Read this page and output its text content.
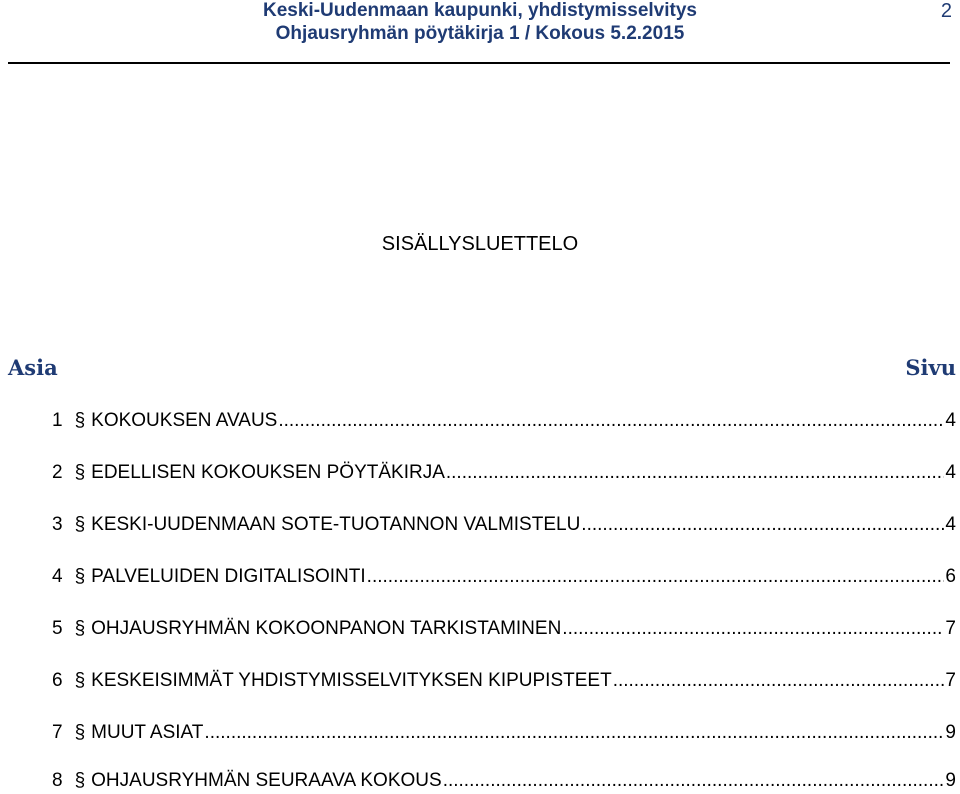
Keski-Uudenmaan kaupunki, yhdistymisselvitys
Ohjausryhmän pöytäkirja 1 / Kokous 5.2.2015
2
SISÄLLYSLUETTELO
Asia	Sivu
1 § KOKOUKSEN AVAUS .....	4
2 § EDELLISEN KOKOUKSEN PÖYTÄKIRJA .....	4
3 § KESKI-UUDENMAAN SOTE-TUOTANNON VALMISTELU .....	4
4 § PALVELUIDEN DIGITALISOINTI .....	6
5 § OHJAUSRYHMÄN KOKOONPANON TARKISTAMINEN .....	7
6 § KESKEISIMMÄT YHDISTYMISSELVITYKSEN KIPUPISTEET .....	7
7 § MUUT ASIAT .....	9
8 § OHJAUSRYHMÄN SEURAAVA KOKOUS .....	9
